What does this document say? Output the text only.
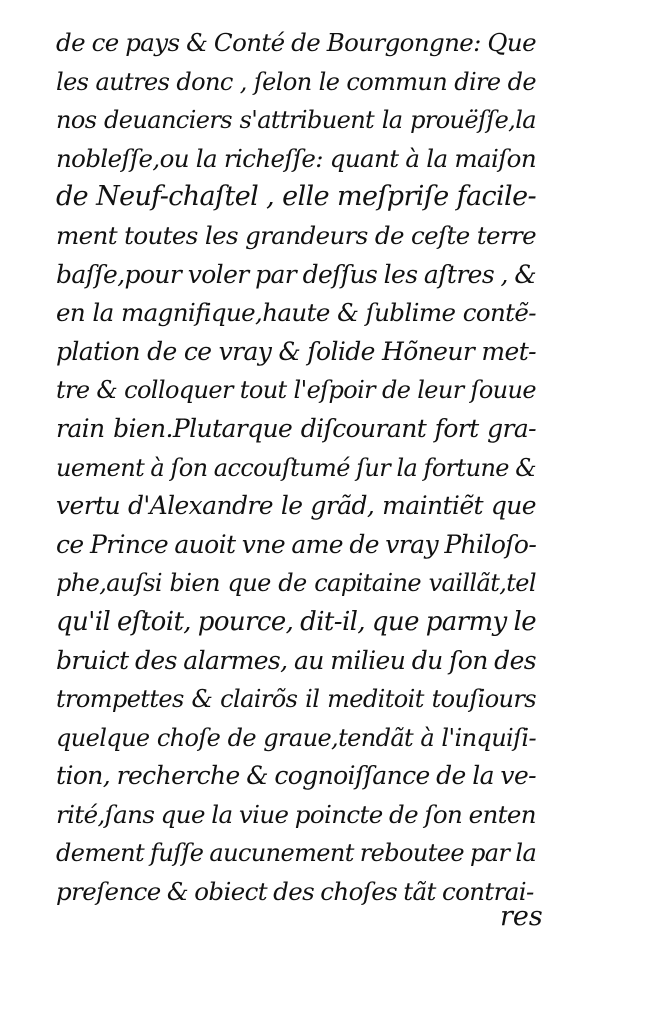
de ce pays & Conté de Bourgongne: Que
les autres donc , ſelon le commun dire de
nos deuanciers s'attribuent la prouëſſe,la
nobleſſe,ou la richeſſe: quant à la maiſon
de Neuf-chaſtel , elle meſpriſe facile-
ment toutes les grandeurs de ceſte terre
baſſe,pour voler par deſſus les aſtres , &
en la magnifique,haute & ſublime contẽ-
plation de ce vray & ſolide Hõneur met-
tre & colloquer tout l'eſpoir de leur ſouue
rain bien.Plutarque diſcourant fort gra-
uement à ſon accouſtumé ſur la fortune &
vertu d'Alexandre le grãd, maintiẽt que
ce Prince auoit vne ame de vray Philoſo-
phe,auſsi bien que de capitaine vaillãt,tel
qu'il eſtoit, pource, dit-il, que parmy le
bruict des alarmes, au milieu du ſon des
trompettes & clairõs il meditoit touſiours
quelque choſe de graue,tendãt à l'inquiſi-
tion, recherche & cognoiſſance de la ve-
rité,ſans que la viue poincte de ſon enten
dement fuſſe aucunement reboutee par la
preſence & obiect des choſes tãt contrai-
res
